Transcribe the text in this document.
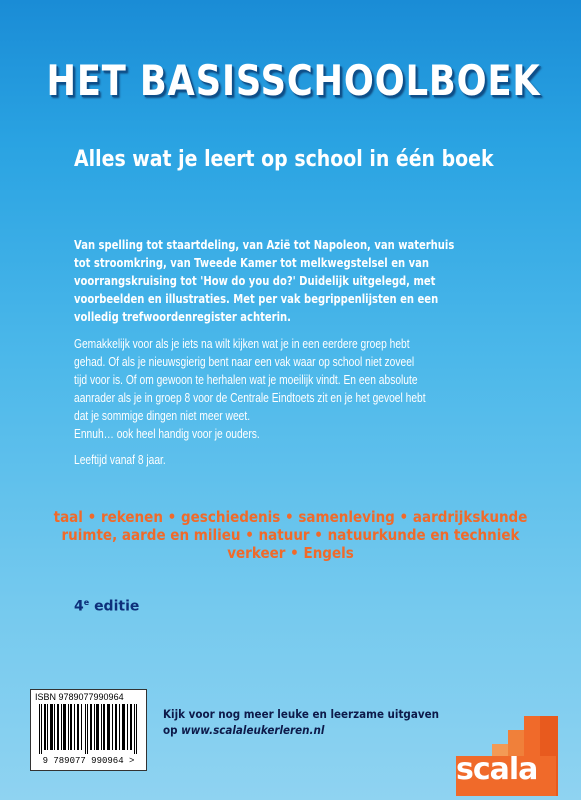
HET BASISSCHOOLBOEK
Alles wat je leert op school in één boek

Van spelling tot staartdeling, van Azië tot Napoleon, van waterhuis

tot stroomkring, van Tweede Kamer tot melkwegstelsel en van

voorrangskruising tot 'How do you do?' Duidelijk uitgelegd, met

voorbeelden en illustraties. Met per vak begrippenlijsten en een

volledig trefwoordenregister achterin.

Gemakkelijk voor als je iets na wilt kijken wat je in een eerdere groep hebt

gehad. Of als je nieuwsgierig bent naar een vak waar op school niet zoveel

tijd voor is. Of om gewoon te herhalen wat je moeilijk vindt. En een absolute

aanrader als je in groep 8 voor de Centrale Eindtoets zit en je het gevoel hebt

dat je sommige dingen niet meer weet.

Ennuh… ook heel handig voor je ouders.

Leeftijd vanaf 8 jaar.
taal • rekenen • geschiedenis • samenleving • aardrijkskunde
ruimte, aarde en milieu • natuur • natuurkunde en techniek
verkeer • Engels
4e editie
ISBN 9789077990964
9 789077 990964 >
Kijk voor nog meer leuke en leerzame uitgaven
op www.scalaleukerleren.nl
scala
